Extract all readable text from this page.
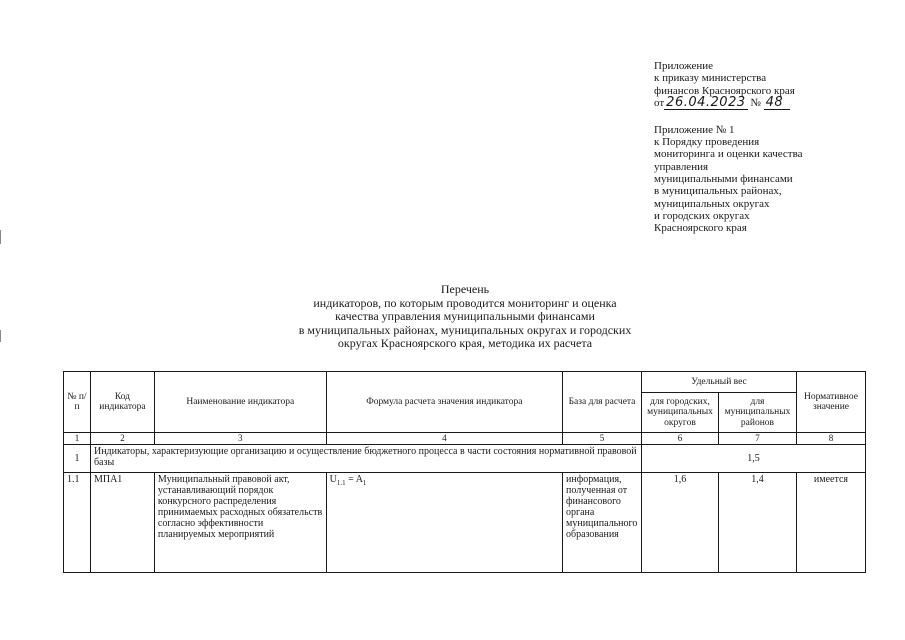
Приложение
к приказу министерства
финансов Красноярского края
от 26.04.2023 № 48
Приложение № 1
к Порядку проведения
мониторинга и оценки качества
управления
муниципальными финансами
в муниципальных районах,
муниципальных округах
и городских округах
Красноярского края
Перечень
индикаторов, по которым проводится мониторинг и оценка
качества управления муниципальными финансами
в муниципальных районах, муниципальных округах и городских
округах Красноярского края, методика их расчета
№ п/п	Код индикатора	Наименование индикатора	Формула расчета значения индикатора	База для расчета	Удельный вес		Нормативное значение
					для городских, муниципальных округов	для муниципальных районов	
1	2	3	4	5	6	7	8
1	Индикаторы, характеризующие организацию и осуществление бюджетного процесса в части состояния нормативной правовой базы				1,5		
1.1	МПА1	Муниципальный правовой акт, устанавливающий порядок конкурсного распределения принимаемых расходных обязательств согласно эффективности планируемых мероприятий	$U_{1.1} = A_1$	информация, полученная от финансового органа муниципального образования	1,6	1,4	имеется
